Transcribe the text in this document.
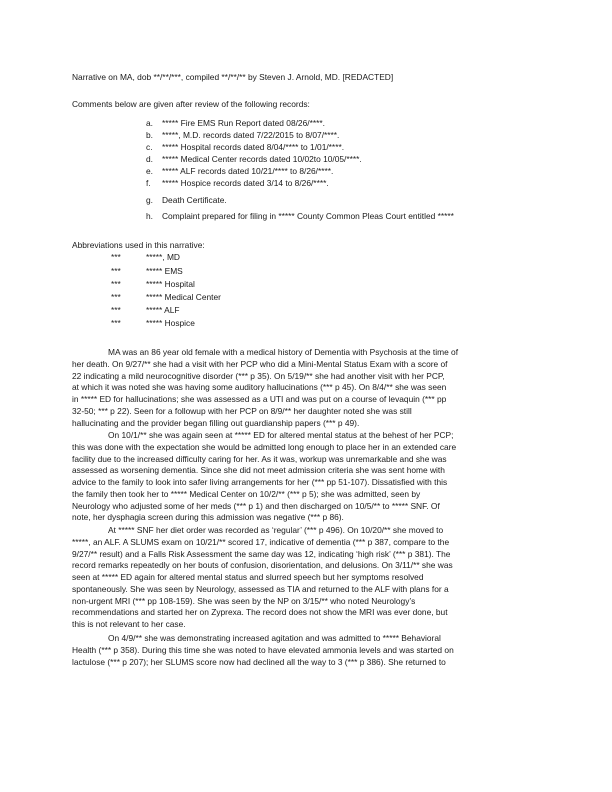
Narrative on MA, dob **/**/***, compiled **/**/** by Steven J. Arnold, MD. [REDACTED]
Comments below are given after review of the following records:
a.	***** Fire EMS Run Report dated 08/26/****.
b.	*****, M.D. records dated 7/22/2015 to 8/07/****.
c.	***** Hospital records dated 8/04/**** to 1/01/****.
d.	***** Medical Center records dated 10/02to 10/05/****.
e.	***** ALF records dated 10/21/**** to 8/26/****.
f.	***** Hospice records dated 3/14 to 8/26/****.
g.	Death Certificate.
h.	Complaint prepared for filing in ***** County Common Pleas Court entitled *****
Abbreviations used in this narrative:
***	*****, MD
***	***** EMS
***	***** Hospital
***	***** Medical Center
***	***** ALF
***	***** Hospice
MA was an 86 year old female with a medical history of Dementia with Psychosis at the time of
her death. On 9/27/** she had a visit with her PCP who did a Mini-Mental Status Exam with a score of
22 indicating a mild neurocognitive disorder (*** p 35). On 5/19/** she had another visit with her PCP,
at which it was noted she was having some auditory hallucinations (*** p 45). On 8/4/** she was seen
in ***** ED for hallucinations; she was assessed as a UTI and was put on a course of levaquin (*** pp
32-50; *** p 22). Seen for a followup with her PCP on 8/9/** her daughter noted she was still
hallucinating and the provider began filling out guardianship papers (*** p 49).
On 10/1/** she was again seen at ***** ED for altered mental status at the behest of her PCP;
this was done with the expectation she would be admitted long enough to place her in an extended care
facility due to the increased difficulty caring for her. As it was, workup was unremarkable and she was
assessed as worsening dementia. Since she did not meet admission criteria she was sent home with
advice to the family to look into safer living arrangements for her (*** pp 51-107). Dissatisfied with this
the family then took her to ***** Medical Center on 10/2/** (*** p 5); she was admitted, seen by
Neurology who adjusted some of her meds (*** p 1) and then discharged on 10/5/** to ***** SNF. Of
note, her dysphagia screen during this admission was negative (*** p 86).
At ***** SNF her diet order was recorded as ‘regular’ (*** p 496). On 10/20/** she moved to
*****, an ALF. A SLUMS exam on 10/21/** scored 17, indicative of dementia (*** p 387, compare to the
9/27/** result) and a Falls Risk Assessment the same day was 12, indicating ‘high risk’ (*** p 381). The
record remarks repeatedly on her bouts of confusion, disorientation, and delusions. On 3/11/** she was
seen at ***** ED again for altered mental status and slurred speech but her symptoms resolved
spontaneously. She was seen by Neurology, assessed as TIA and returned to the ALF with plans for a
non-urgent MRI (*** pp 108-159). She was seen by the NP on 3/15/** who noted Neurology’s
recommendations and started her on Zyprexa. The record does not show the MRI was ever done, but
this is not relevant to her case.
On 4/9/** she was demonstrating increased agitation and was admitted to ***** Behavioral
Health (*** p 358). During this time she was noted to have elevated ammonia levels and was started on
lactulose (*** p 207); her SLUMS score now had declined all the way to 3 (*** p 386). She returned to
